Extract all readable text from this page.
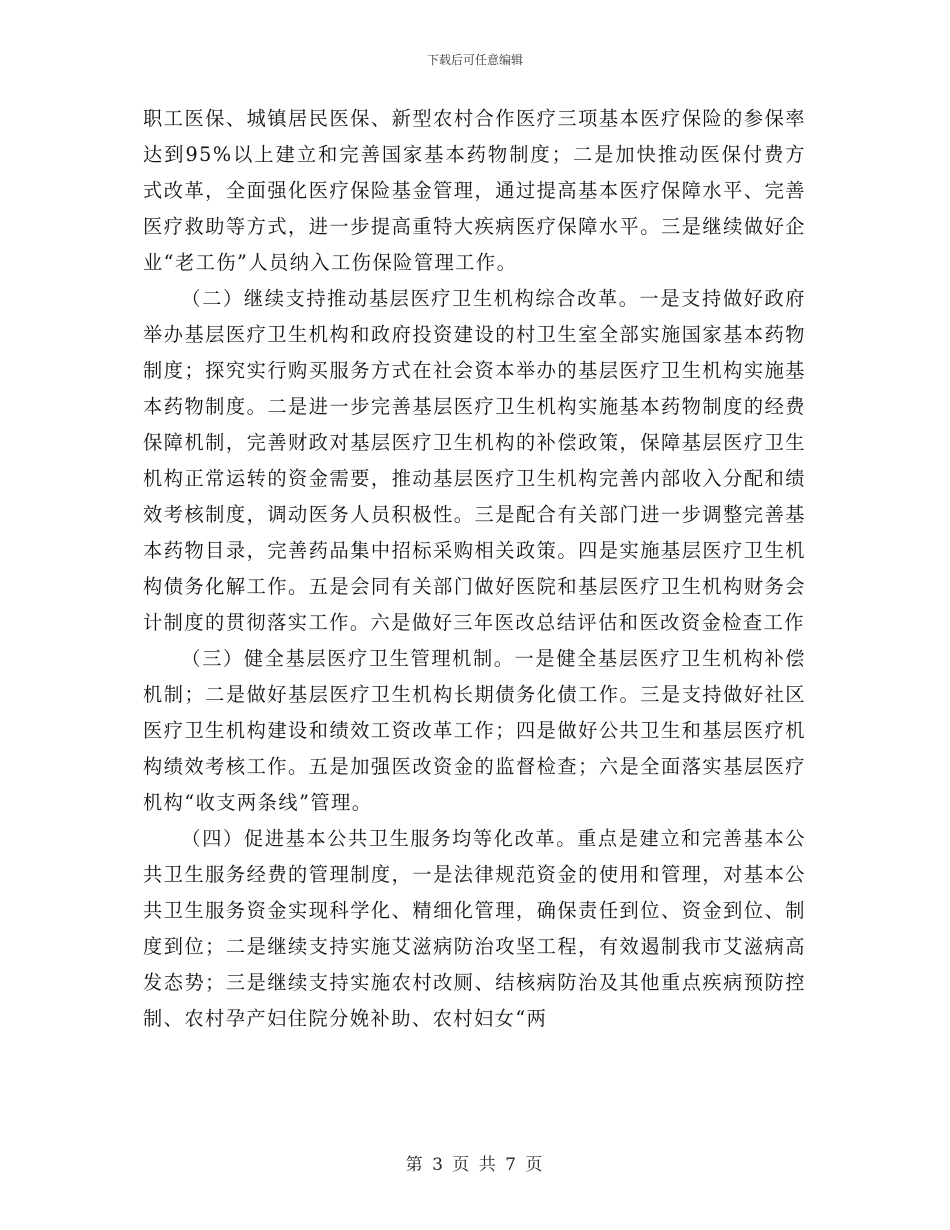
下载后可任意编辑

职工医保、城镇居民医保、新型农村合作医疗三项基本医疗保险的参保率达到95%以上建立和完善国家基本药物制度；二是加快推动医保付费方式改革，全面强化医疗保险基金管理，通过提高基本医疗保障水平、完善医疗救助等方式，进一步提高重特大疾病医疗保障水平。三是继续做好企业“老工伤”人员纳入工伤保险管理工作。

（二）继续支持推动基层医疗卫生机构综合改革。一是支持做好政府举办基层医疗卫生机构和政府投资建设的村卫生室全部实施国家基本药物制度；探究实行购买服务方式在社会资本举办的基层医疗卫生机构实施基本药物制度。二是进一步完善基层医疗卫生机构实施基本药物制度的经费保障机制，完善财政对基层医疗卫生机构的补偿政策，保障基层医疗卫生机构正常运转的资金需要，推动基层医疗卫生机构完善内部收入分配和绩效考核制度，调动医务人员积极性。三是配合有关部门进一步调整完善基本药物目录，完善药品集中招标采购相关政策。四是实施基层医疗卫生机构债务化解工作。五是会同有关部门做好医院和基层医疗卫生机构财务会计制度的贯彻落实工作。六是做好三年医改总结评估和医改资金检查工作

（三）健全基层医疗卫生管理机制。一是健全基层医疗卫生机构补偿机制；二是做好基层医疗卫生机构长期债务化债工作。三是支持做好社区医疗卫生机构建设和绩效工资改革工作；四是做好公共卫生和基层医疗机构绩效考核工作。五是加强医改资金的监督检查；六是全面落实基层医疗机构“收支两条线”管理。

（四）促进基本公共卫生服务均等化改革。重点是建立和完善基本公共卫生服务经费的管理制度，一是法律规范资金的使用和管理，对基本公共卫生服务资金实现科学化、精细化管理，确保责任到位、资金到位、制度到位；二是继续支持实施艾滋病防治攻坚工程，有效遏制我市艾滋病高发态势；三是继续支持实施农村改厕、结核病防治及其他重点疾病预防控制、农村孕产妇住院分娩补助、农村妇女“两

第 3 页 共 7 页
